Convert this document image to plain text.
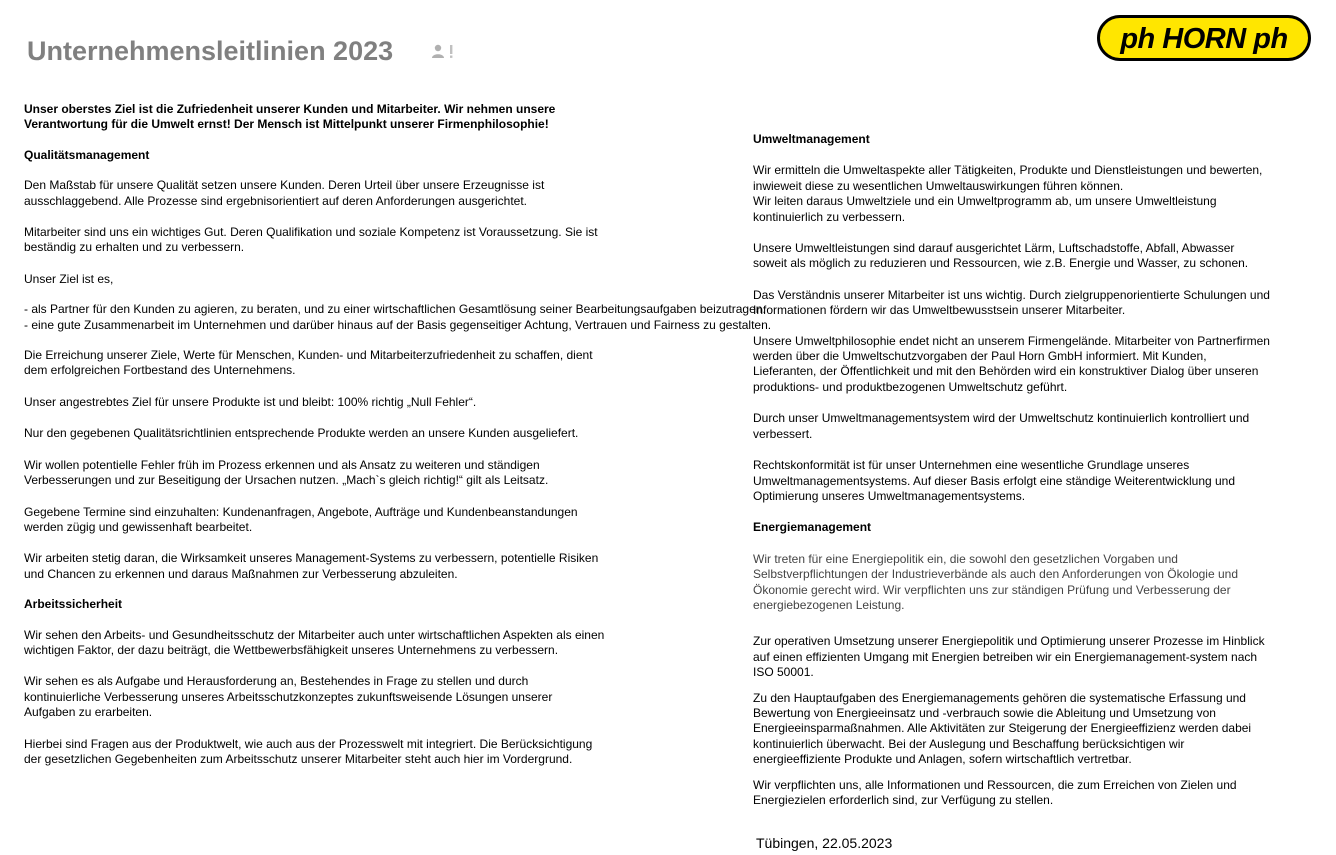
Unternehmensleitlinien 2023	ph HORN ph

Unser oberstes Ziel ist die Zufriedenheit unserer Kunden und Mitarbeiter. Wir nehmen unsere
Verantwortung für die Umwelt ernst! Der Mensch ist Mittelpunkt unserer Firmenphilosophie!

Qualitätsmanagement

Den Maßstab für unsere Qualität setzen unsere Kunden. Deren Urteil über unsere Erzeugnisse ist
ausschlaggebend. Alle Prozesse sind ergebnisorientiert auf deren Anforderungen ausgerichtet.

Mitarbeiter sind uns ein wichtiges Gut. Deren Qualifikation und soziale Kompetenz ist Voraussetzung. Sie ist
beständig zu erhalten und zu verbessern.

Unser Ziel ist es,

- als Partner für den Kunden zu agieren, zu beraten, und zu einer wirtschaftlichen Gesamtlösung seiner Bearbeitungsaufgaben beizutragen.

- eine gute Zusammenarbeit im Unternehmen und darüber hinaus auf der Basis gegenseitiger Achtung, Vertrauen und Fairness zu gestalten.

Die Erreichung unserer Ziele, Werte für Menschen, Kunden- und Mitarbeiterzufriedenheit zu schaffen, dient
dem erfolgreichen Fortbestand des Unternehmens.

Unser angestrebtes Ziel für unsere Produkte ist und bleibt: 100% richtig „Null Fehler“.

Nur den gegebenen Qualitätsrichtlinien entsprechende Produkte werden an unsere Kunden ausgeliefert.

Wir wollen potentielle Fehler früh im Prozess erkennen und als Ansatz zu weiteren und ständigen
Verbesserungen und zur Beseitigung der Ursachen nutzen. „Mach`s gleich richtig!“ gilt als Leitsatz.

Gegebene Termine sind einzuhalten: Kundenanfragen, Angebote, Aufträge und Kundenbeanstandungen
werden zügig und gewissenhaft bearbeitet.

Wir arbeiten stetig daran, die Wirksamkeit unseres Management-Systems zu verbessern, potentielle Risiken
und Chancen zu erkennen und daraus Maßnahmen zur Verbesserung abzuleiten.

Arbeitssicherheit

Wir sehen den Arbeits- und Gesundheitsschutz der Mitarbeiter auch unter wirtschaftlichen Aspekten als einen
wichtigen Faktor, der dazu beiträgt, die Wettbewerbsfähigkeit unseres Unternehmens zu verbessern.

Wir sehen es als Aufgabe und Herausforderung an, Bestehendes in Frage zu stellen und durch
kontinuierliche Verbesserung unseres Arbeitsschutzkonzeptes zukunftsweisende Lösungen unserer
Aufgaben zu erarbeiten.

Hierbei sind Fragen aus der Produktwelt, wie auch aus der Prozesswelt mit integriert. Die Berücksichtigung
der gesetzlichen Gegebenheiten zum Arbeitsschutz unserer Mitarbeiter steht auch hier im Vordergrund.

Umweltmanagement

Wir ermitteln die Umweltaspekte aller Tätigkeiten, Produkte und Dienstleistungen und bewerten,
inwieweit diese zu wesentlichen Umweltauswirkungen führen können.
Wir leiten daraus Umweltziele und ein Umweltprogramm ab, um unsere Umweltleistung
kontinuierlich zu verbessern.

Unsere Umweltleistungen sind darauf ausgerichtet Lärm, Luftschadstoffe, Abfall, Abwasser
soweit als möglich zu reduzieren und Ressourcen, wie z.B. Energie und Wasser, zu schonen.

Das Verständnis unserer Mitarbeiter ist uns wichtig. Durch zielgruppenorientierte Schulungen und
Informationen fördern wir das Umweltbewusstsein unserer Mitarbeiter.

Unsere Umweltphilosophie endet nicht an unserem Firmengelände. Mitarbeiter von Partnerfirmen
werden über die Umweltschutzvorgaben der Paul Horn GmbH informiert. Mit Kunden,
Lieferanten, der Öffentlichkeit und mit den Behörden wird ein konstruktiver Dialog über unseren
produktions- und produktbezogenen Umweltschutz geführt.

Durch unser Umweltmanagementsystem wird der Umweltschutz kontinuierlich kontrolliert und
verbessert.

Rechtskonformität ist für unser Unternehmen eine wesentliche Grundlage unseres
Umweltmanagementsystems. Auf dieser Basis erfolgt eine ständige Weiterentwicklung und
Optimierung unseres Umweltmanagementsystems.

Energiemanagement

Wir treten für eine Energiepolitik ein, die sowohl den gesetzlichen Vorgaben und
Selbstverpflichtungen der Industrieverbände als auch den Anforderungen von Ökologie und
Ökonomie gerecht wird. Wir verpflichten uns zur ständigen Prüfung und Verbesserung der
energiebezogenen Leistung.

Zur operativen Umsetzung unserer Energiepolitik und Optimierung unserer Prozesse im Hinblick
auf einen effizienten Umgang mit Energien betreiben wir ein Energiemanagement-system nach
ISO 50001.

Zu den Hauptaufgaben des Energiemanagements gehören die systematische Erfassung und
Bewertung von Energieeinsatz und -verbrauch sowie die Ableitung und Umsetzung von
Energieeinsparmaßnahmen. Alle Aktivitäten zur Steigerung der Energieeffizienz werden dabei
kontinuierlich überwacht. Bei der Auslegung und Beschaffung berücksichtigen wir
energieeffiziente Produkte und Anlagen, sofern wirtschaftlich vertretbar.

Wir verpflichten uns, alle Informationen und Ressourcen, die zum Erreichen von Zielen und
Energiezielen erforderlich sind, zur Verfügung zu stellen.

Tübingen, 22.05.2023
